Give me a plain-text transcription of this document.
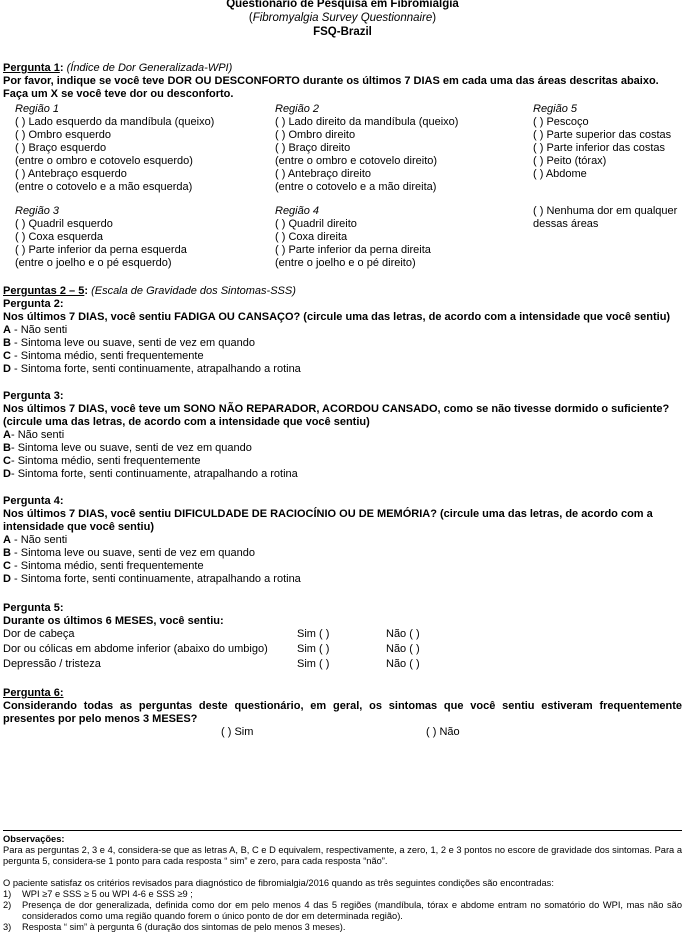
Questionário de Pesquisa em Fibromialgia
(Fibromyalgia Survey Questionnaire)
FSQ-Brazil
Pergunta 1: (Índice de Dor Generalizada-WPI)
Por favor, indique se você teve DOR OU DESCONFORTO durante os últimos 7 DIAS em cada uma das áreas descritas abaixo. Faça um X se você teve dor ou desconforto.
Região 1
( ) Lado esquerdo da mandíbula (queixo)
( ) Ombro esquerdo
( ) Braço esquerdo
(entre o ombro e cotovelo esquerdo)
( ) Antebraço esquerdo
(entre o cotovelo e a mão esquerda)
Região 2
( ) Lado direito da mandíbula (queixo)
( ) Ombro direito
( ) Braço direito
(entre o ombro e cotovelo direito)
( ) Antebraço direito
(entre o cotovelo e a mão direita)
Região 5
( ) Pescoço
( ) Parte superior das costas
( ) Parte inferior das costas
( ) Peito (tórax)
( ) Abdome
Região 3
( ) Quadril esquerdo
( ) Coxa esquerda
( ) Parte inferior da perna esquerda
(entre o joelho e o pé esquerdo)
Região 4
( ) Quadril direito
( ) Coxa direita
( ) Parte inferior da perna direita
(entre o joelho e o pé direito)
( ) Nenhuma dor em qualquer dessas áreas
Perguntas 2 – 5: (Escala de Gravidade dos Sintomas-SSS)
Pergunta 2:
Nos últimos 7 DIAS, você sentiu FADIGA OU CANSAÇO? (circule uma das letras, de acordo com a intensidade que você sentiu)
A - Não senti
B - Sintoma leve ou suave, senti de vez em quando
C - Sintoma médio, senti frequentemente
D - Sintoma forte, senti continuamente, atrapalhando a rotina
Pergunta 3:
Nos últimos 7 DIAS, você teve um SONO NÃO REPARADOR, ACORDOU CANSADO, como se não tivesse dormido o suficiente? (circule uma das letras, de acordo com a intensidade que você sentiu)
A- Não senti
B- Sintoma leve ou suave, senti de vez em quando
C- Sintoma médio, senti frequentemente
D- Sintoma forte, senti continuamente, atrapalhando a rotina
Pergunta 4:
Nos últimos 7 DIAS, você sentiu DIFICULDADE DE RACIOCÍNIO OU DE MEMÓRIA? (circule uma das letras, de acordo com a intensidade que você sentiu)
A - Não senti
B - Sintoma leve ou suave, senti de vez em quando
C - Sintoma médio, senti frequentemente
D - Sintoma forte, senti continuamente, atrapalhando a rotina
Pergunta 5:
Durante os últimos 6 MESES, você sentiu:
Dor de cabeça	Sim ( )	Não ( )
Dor ou cólicas em abdome inferior (abaixo do umbigo)	Sim ( )	Não ( )
Depressão / tristeza	Sim ( )	Não ( )
Pergunta 6:
Considerando todas as perguntas deste questionário, em geral, os sintomas que você sentiu estiveram frequentemente presentes por pelo menos 3 MESES?
( ) Sim	( ) Não

Observações:

Para as perguntas 2, 3 e 4, considera-se que as letras A, B, C e D equivalem, respectivamente, a zero, 1, 2 e 3 pontos no escore de gravidade dos sintomas. Para a pergunta 5, considera-se 1 ponto para cada resposta “ sim” e zero, para cada resposta “não”.

O paciente satisfaz os critérios revisados para diagnóstico de fibromialgia/2016 quando as três seguintes condições são encontradas:

1) WPI ≥7 e SSS ≥ 5 ou WPI 4-6 e SSS ≥9 ;

2) Presença de dor generalizada, definida como dor em pelo menos 4 das 5 regiões (mandíbula, tórax e abdome entram no somatório do WPI, mas não são considerados como uma região quando forem o único ponto de dor em determinada região).

3) Resposta “ sim” à pergunta 6 (duração dos sintomas de pelo menos 3 meses).
